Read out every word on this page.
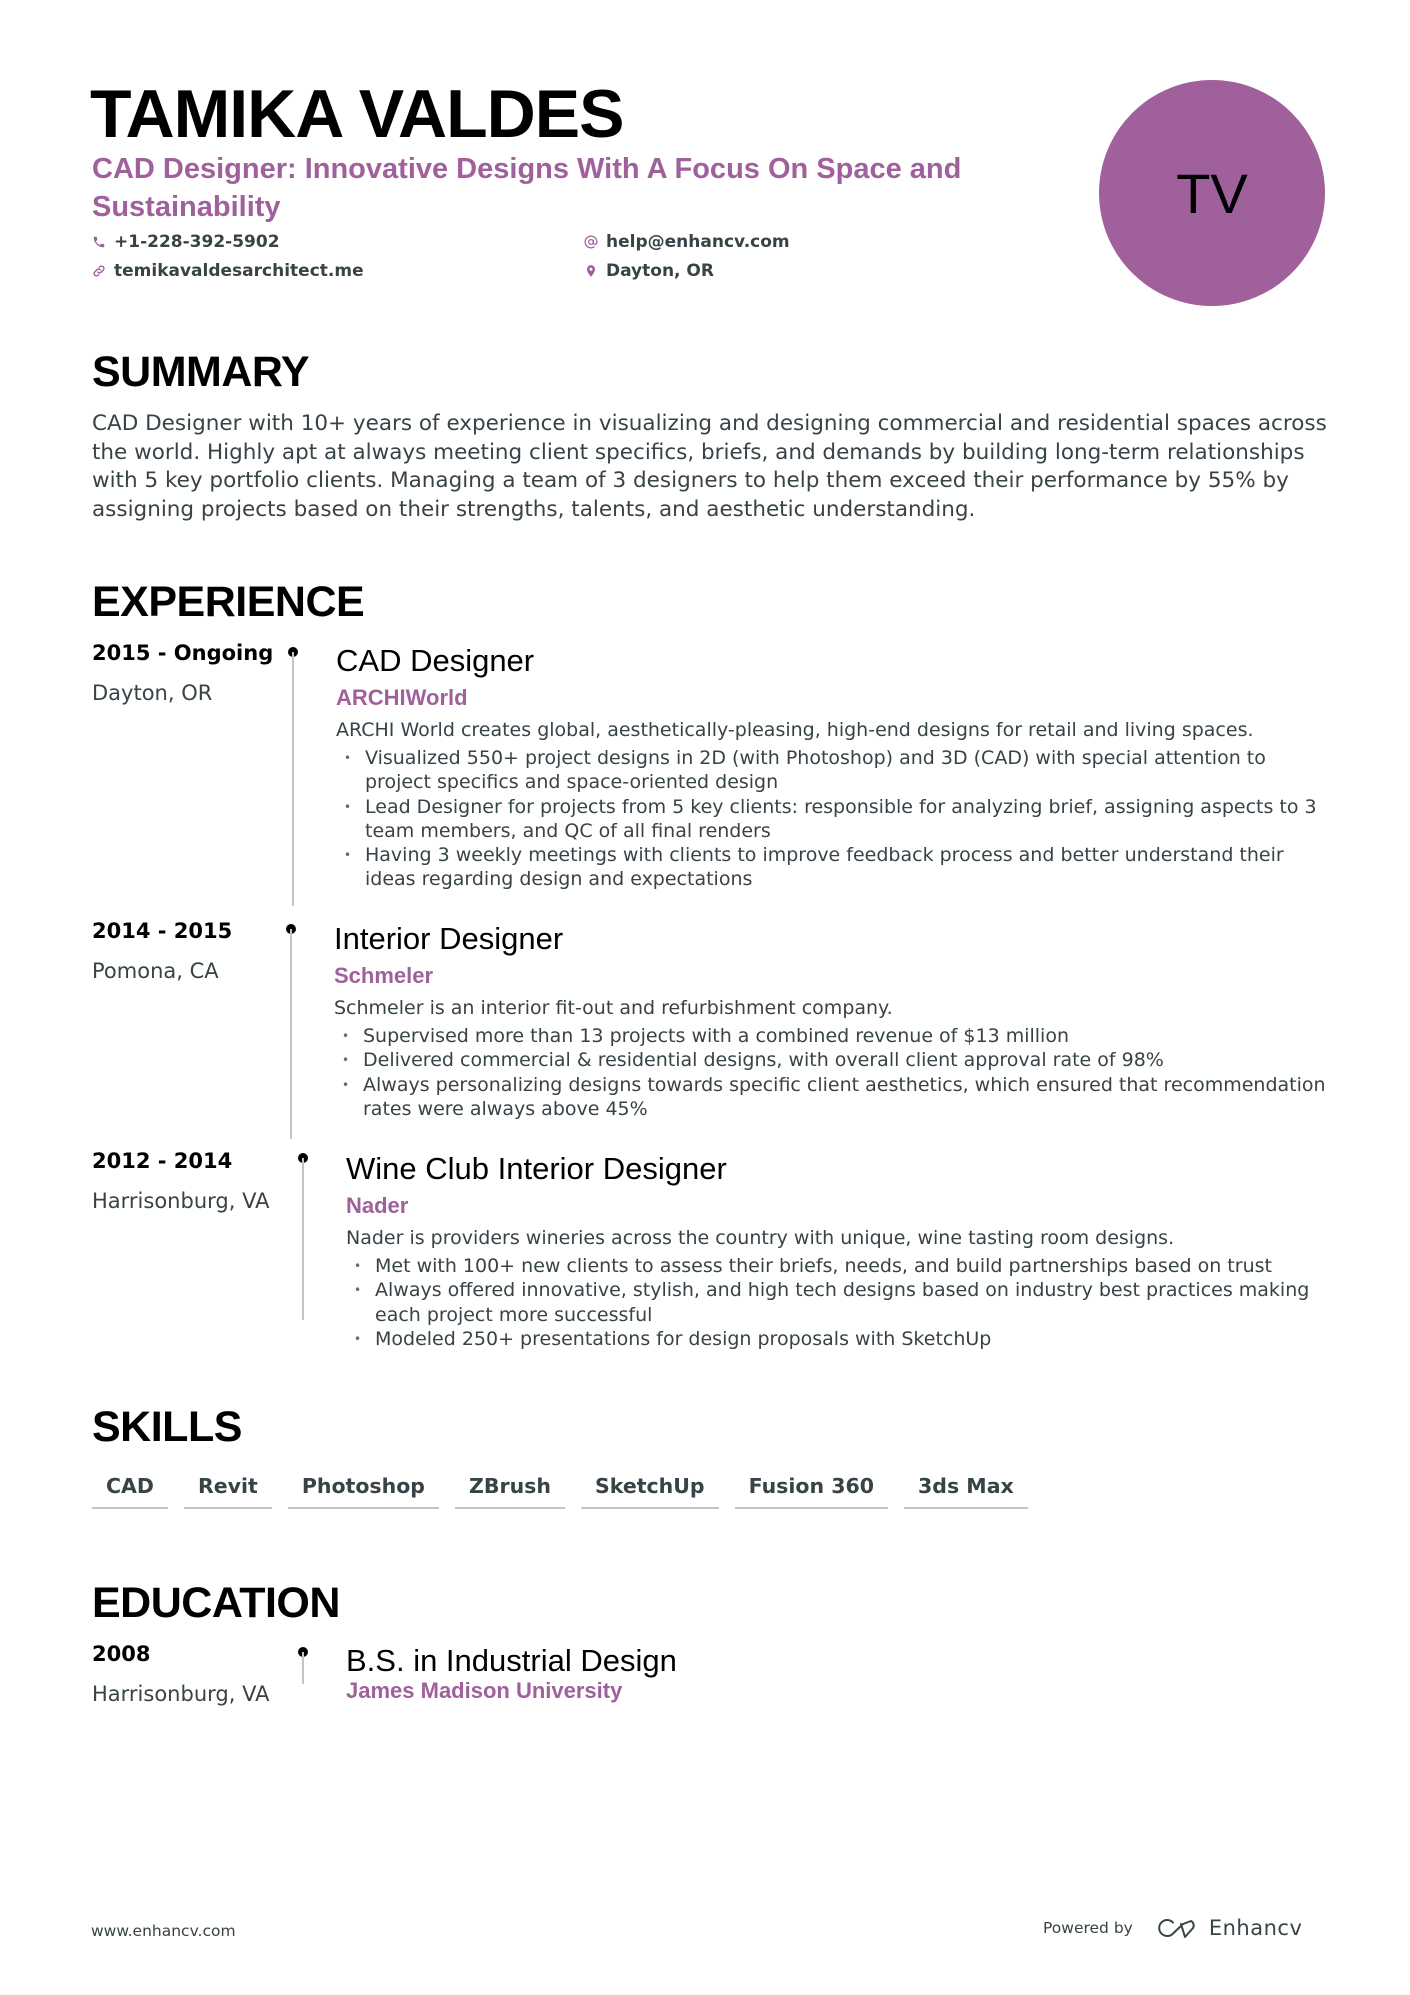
TAMIKA VALDES
CAD Designer: Innovative Designs With A Focus On Space and Sustainability
+1-228-392-5902
temikavaldesarchitect.me
help@enhancv.com
Dayton, OR
TV
SUMMARY
CAD Designer with 10+ years of experience in visualizing and designing commercial and residential spaces across the world. Highly apt at always meeting client specifics, briefs, and demands by building long-term relationships with 5 key portfolio clients. Managing a team of 3 designers to help them exceed their performance by 55% by assigning projects based on their strengths, talents, and aesthetic understanding.
EXPERIENCE
2015 - Ongoing
Dayton, OR
CAD Designer
ARCHIWorld
ARCHI World creates global, aesthetically-pleasing, high-end designs for retail and living spaces.
• Visualized 550+ project designs in 2D (with Photoshop) and 3D (CAD) with special attention to project specifics and space-oriented design
• Lead Designer for projects from 5 key clients: responsible for analyzing brief, assigning aspects to 3 team members, and QC of all final renders
• Having 3 weekly meetings with clients to improve feedback process and better understand their ideas regarding design and expectations
2014 - 2015
Pomona, CA
Interior Designer
Schmeler
Schmeler is an interior fit-out and refurbishment company.
• Supervised more than 13 projects with a combined revenue of $13 million
• Delivered commercial & residential designs, with overall client approval rate of 98%
• Always personalizing designs towards specific client aesthetics, which ensured that recommendation rates were always above 45%
2012 - 2014
Harrisonburg, VA
Wine Club Interior Designer
Nader
Nader is providers wineries across the country with unique, wine tasting room designs.
• Met with 100+ new clients to assess their briefs, needs, and build partnerships based on trust
• Always offered innovative, stylish, and high tech designs based on industry best practices making each project more successful
• Modeled 250+ presentations for design proposals with SketchUp
SKILLS
CAD	Revit	Photoshop	ZBrush	SketchUp	Fusion 360	3ds Max
EDUCATION
2008
Harrisonburg, VA
B.S. in Industrial Design
James Madison University
www.enhancv.com	Powered by	Enhancv
